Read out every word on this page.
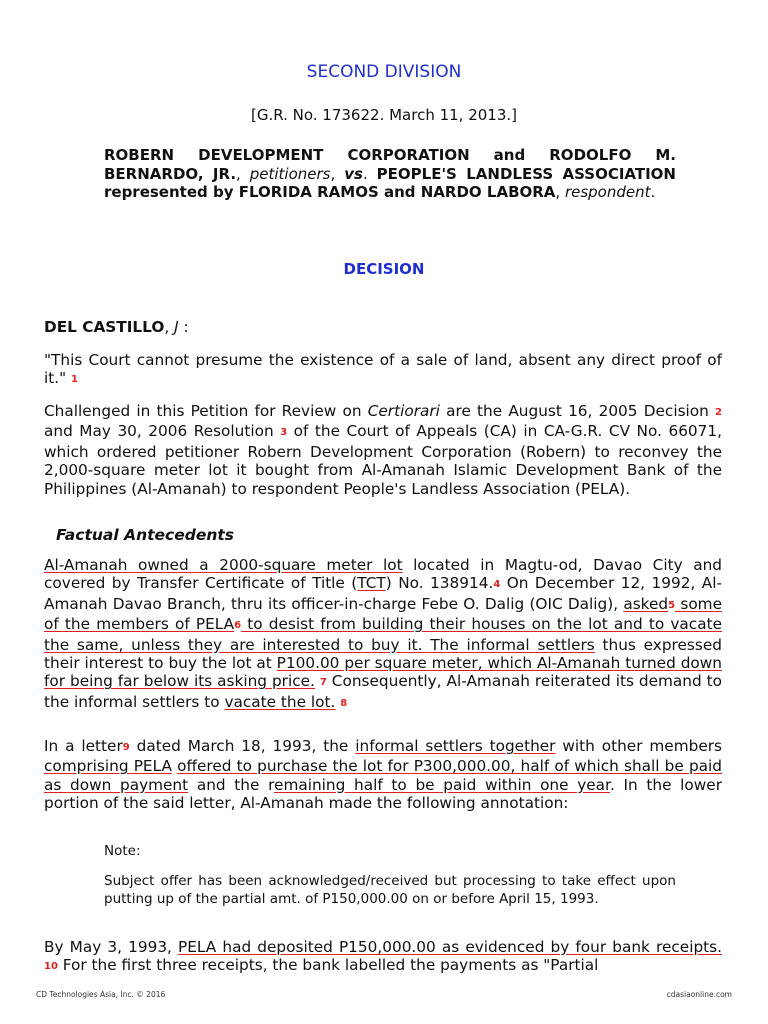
SECOND DIVISION
[G.R. No. 173622. March 11, 2013.]
ROBERN DEVELOPMENT CORPORATION and RODOLFO M. BERNARDO, JR., petitioners, vs. PEOPLE'S LANDLESS ASSOCIATION represented by FLORIDA RAMOS and NARDO LABORA, respondent.
DECISION
DEL CASTILLO, J :
"This Court cannot presume the existence of a sale of land, absent any direct proof of it." 1
Challenged in this Petition for Review on Certiorari are the August 16, 2005 Decision 2 and May 30, 2006 Resolution 3 of the Court of Appeals (CA) in CA-G.R. CV No. 66071, which ordered petitioner Robern Development Corporation (Robern) to reconvey the 2,000-square meter lot it bought from Al-Amanah Islamic Development Bank of the Philippines (Al-Amanah) to respondent People's Landless Association (PELA).
Factual Antecedents
Al-Amanah owned a 2000-square meter lot located in Magtu-od, Davao City and covered by Transfer Certificate of Title (TCT) No. 138914.4 On December 12, 1992, Al-Amanah Davao Branch, thru its officer-in-charge Febe O. Dalig (OIC Dalig), asked5 some of the members of PELA6 to desist from building their houses on the lot and to vacate the same, unless they are interested to buy it. The informal settlers thus expressed their interest to buy the lot at P100.00 per square meter, which Al-Amanah turned down for being far below its asking price. 7 Consequently, Al-Amanah reiterated its demand to the informal settlers to vacate the lot. 8
In a letter9 dated March 18, 1993, the informal settlers together with other members comprising PELA offered to purchase the lot for P300,000.00, half of which shall be paid as down payment and the remaining half to be paid within one year. In the lower portion of the said letter, Al-Amanah made the following annotation:
Note:
Subject offer has been acknowledged/received but processing to take effect upon putting up of the partial amt. of P150,000.00 on or before April 15, 1993.
By May 3, 1993, PELA had deposited P150,000.00 as evidenced by four bank receipts. 10 For the first three receipts, the bank labelled the payments as "Partial
CD Technologies Asia, Inc. © 2016	cdasiaonline.com
